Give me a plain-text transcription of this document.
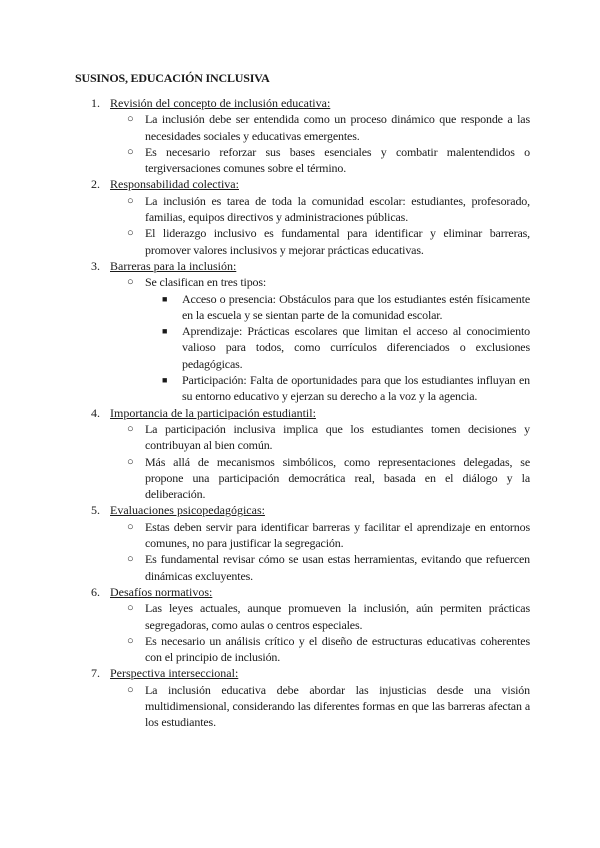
SUSINOS, EDUCACIÓN INCLUSIVA
1. Revisión del concepto de inclusión educativa:
○ La inclusión debe ser entendida como un proceso dinámico que responde a las necesidades sociales y educativas emergentes.
○ Es necesario reforzar sus bases esenciales y combatir malentendidos o tergiversaciones comunes sobre el término.
2. Responsabilidad colectiva:
○ La inclusión es tarea de toda la comunidad escolar: estudiantes, profesorado, familias, equipos directivos y administraciones públicas.
○ El liderazgo inclusivo es fundamental para identificar y eliminar barreras, promover valores inclusivos y mejorar prácticas educativas.
3. Barreras para la inclusión:
○ Se clasifican en tres tipos:
■ Acceso o presencia: Obstáculos para que los estudiantes estén físicamente en la escuela y se sientan parte de la comunidad escolar.
■ Aprendizaje: Prácticas escolares que limitan el acceso al conocimiento valioso para todos, como currículos diferenciados o exclusiones pedagógicas.
■ Participación: Falta de oportunidades para que los estudiantes influyan en su entorno educativo y ejerzan su derecho a la voz y la agencia.
4. Importancia de la participación estudiantil:
○ La participación inclusiva implica que los estudiantes tomen decisiones y contribuyan al bien común.
○ Más allá de mecanismos simbólicos, como representaciones delegadas, se propone una participación democrática real, basada en el diálogo y la deliberación.
5. Evaluaciones psicopedagógicas:
○ Estas deben servir para identificar barreras y facilitar el aprendizaje en entornos comunes, no para justificar la segregación.
○ Es fundamental revisar cómo se usan estas herramientas, evitando que refuercen dinámicas excluyentes.
6. Desafíos normativos:
○ Las leyes actuales, aunque promueven la inclusión, aún permiten prácticas segregadoras, como aulas o centros especiales.
○ Es necesario un análisis crítico y el diseño de estructuras educativas coherentes con el principio de inclusión.
7. Perspectiva interseccional:
○ La inclusión educativa debe abordar las injusticias desde una visión multidimensional, considerando las diferentes formas en que las barreras afectan a los estudiantes.
